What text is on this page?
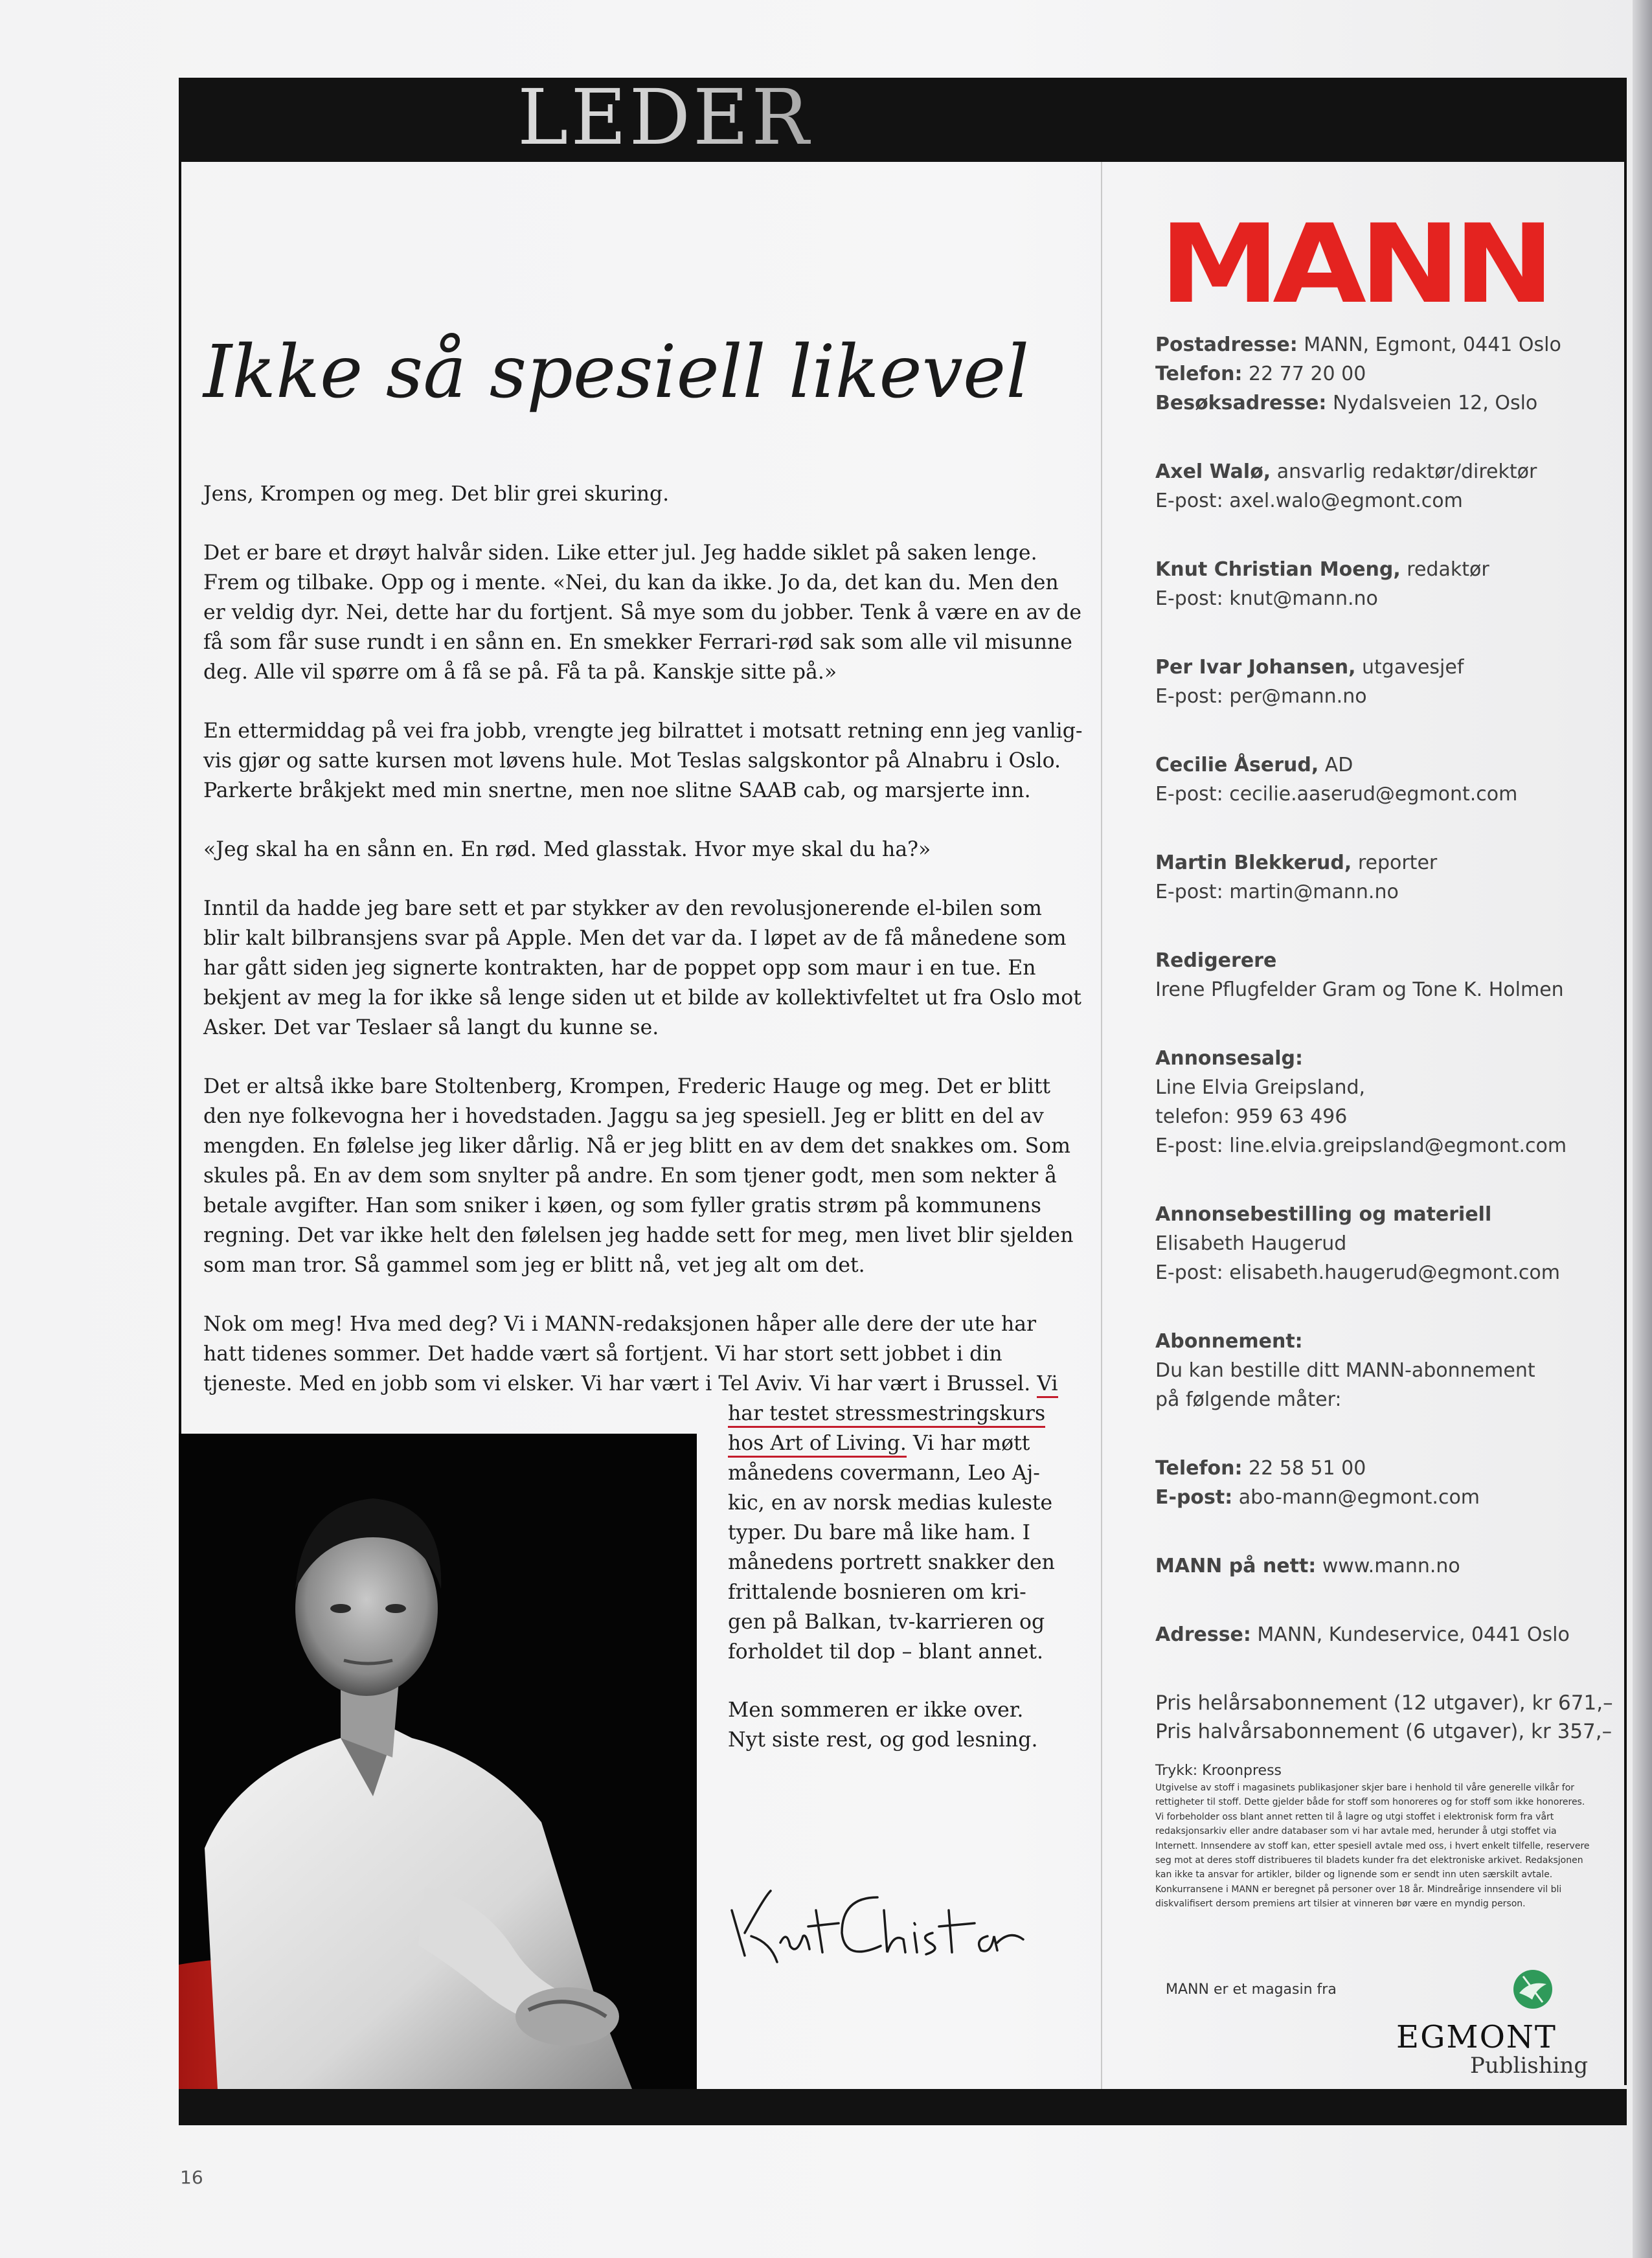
LEDER
Ikke så spesiell likevel

Jens, Krompen og meg. Det blir grei skuring.

Det er bare et drøyt halvår siden. Like etter jul. Jeg hadde siklet på saken lenge.
Frem og tilbake. Opp og i mente. «Nei, du kan da ikke. Jo da, det kan du. Men den
er veldig dyr. Nei, dette har du fortjent. Så mye som du jobber. Tenk å være en av de
få som får suse rundt i en sånn en. En smekker Ferrari-rød sak som alle vil misunne
deg. Alle vil spørre om å få se på. Få ta på. Kanskje sitte på.»

En ettermiddag på vei fra jobb, vrengte jeg bilrattet i motsatt retning enn jeg vanlig-
vis gjør og satte kursen mot løvens hule. Mot Teslas salgskontor på Alnabru i Oslo.
Parkerte bråkjekt med min snertne, men noe slitne SAAB cab, og marsjerte inn.

«Jeg skal ha en sånn en. En rød. Med glasstak. Hvor mye skal du ha?»

Inntil da hadde jeg bare sett et par stykker av den revolusjonerende el-bilen som
blir kalt bilbransjens svar på Apple. Men det var da. I løpet av de få månedene som
har gått siden jeg signerte kontrakten, har de poppet opp som maur i en tue. En
bekjent av meg la for ikke så lenge siden ut et bilde av kollektivfeltet ut fra Oslo mot
Asker. Det var Teslaer så langt du kunne se.

Det er altså ikke bare Stoltenberg, Krompen, Frederic Hauge og meg. Det er blitt
den nye folkevogna her i hovedstaden. Jaggu sa jeg spesiell. Jeg er blitt en del av
mengden. En følelse jeg liker dårlig. Nå er jeg blitt en av dem det snakkes om. Som
skules på. En av dem som snylter på andre. En som tjener godt, men som nekter å
betale avgifter. Han som sniker i køen, og som fyller gratis strøm på kommunens
regning. Det var ikke helt den følelsen jeg hadde sett for meg, men livet blir sjelden
som man tror. Så gammel som jeg er blitt nå, vet jeg alt om det.

Nok om meg! Hva med deg? Vi i MANN-redaksjonen håper alle dere der ute har
hatt tidenes sommer. Det hadde vært så fortjent. Vi har stort sett jobbet i din
tjeneste. Med en jobb som vi elsker. Vi har vært i Tel Aviv. Vi har vært i Brussel. Vi

har testet stressmestringskurs
hos Art of Living. Vi har møtt
månedens covermann, Leo Aj-
kic, en av norsk medias kuleste
typer. Du bare må like ham. I
månedens portrett snakker den
frittalende bosnieren om kri-
gen på Balkan, tv-karrieren og
forholdet til dop – blant annet.

Men sommeren er ikke over.
Nyt siste rest, og god lesning.

MANN
Postadresse: MANN, Egmont, 0441 Oslo
Telefon: 22 77 20 00
Besøksadresse: Nydalsveien 12, Oslo
Axel Walø, ansvarlig redaktør/direktør
E-post: axel.walo@egmont.com
Knut Christian Moeng, redaktør
E-post: knut@mann.no
Per Ivar Johansen, utgavesjef
E-post: per@mann.no
Cecilie Åserud, AD
E-post: cecilie.aaserud@egmont.com
Martin Blekkerud, reporter
E-post: martin@mann.no
Redigerere
Irene Pflugfelder Gram og Tone K. Holmen
Annonsesalg:
Line Elvia Greipsland,
telefon: 959 63 496
E-post: line.elvia.greipsland@egmont.com
Annonsebestilling og materiell
Elisabeth Haugerud
E-post: elisabeth.haugerud@egmont.com
Abonnement:
Du kan bestille ditt MANN-abonnement
på følgende måter:
Telefon: 22 58 51 00
E-post: abo-mann@egmont.com
MANN på nett: www.mann.no
Adresse: MANN, Kundeservice, 0441 Oslo
Pris helårsabonnement (12 utgaver), kr 671,–
Pris halvårsabonnement (6 utgaver), kr 357,–
Trykk: Kroonpress
Utgivelse av stoff i magasinets publikasjoner skjer bare i henhold til våre generelle vilkår for rettigheter til stoff. Dette gjelder både for stoff som honoreres og for stoff som ikke honoreres. Vi forbeholder oss blant annet retten til å lagre og utgi stoffet i elektronisk form fra vårt redaksjonsarkiv eller andre databaser som vi har avtale med, herunder å utgi stoffet via Internett. Innsendere av stoff kan, etter spesiell avtale med oss, i hvert enkelt tilfelle, reservere seg mot at deres stoff distribueres til bladets kunder fra det elektroniske arkivet. Redaksjonen kan ikke ta ansvar for artikler, bilder og lignende som er sendt inn uten særskilt avtale. Konkurransene i MANN er beregnet på personer over 18 år. Mindreårige innsendere vil bli diskvalifisert dersom premiens art tilsier at vinneren bør være en myndig person.
MANN er et magasin fra
EGMONT
Publishing
16
